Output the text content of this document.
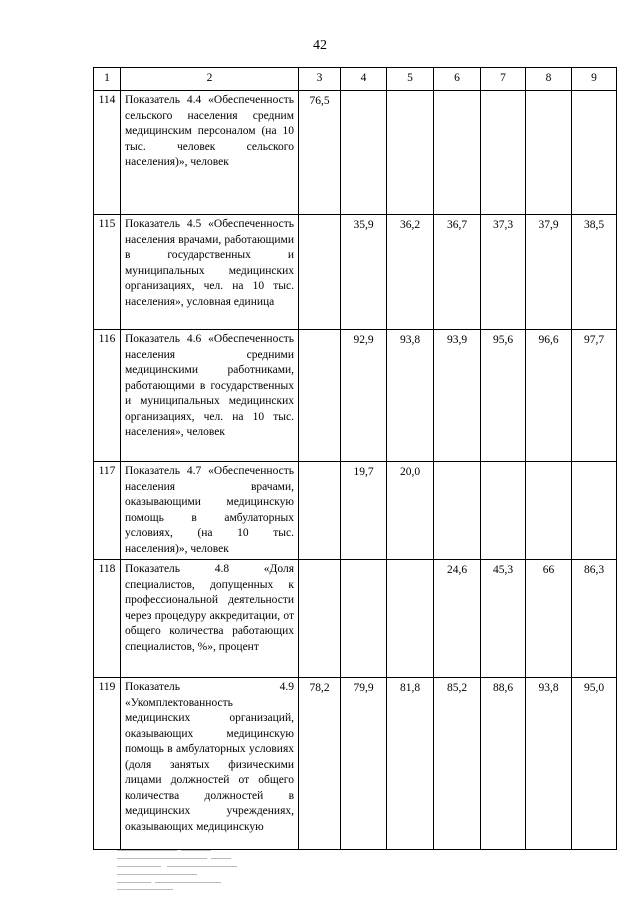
42
1	2	3	4	5	6	7	8	9
114	Показатель 4.4 «Обеспеченность сельского населения средним медицинским персоналом (на 10 тыс. человек сельского населения)», человек	76,5						
115	Показатель 4.5 «Обеспеченность населения врачами, работающими в государственных и муниципальных медицинских организациях, чел. на 10 тыс. населения», условная единица		35,9	36,2	36,7	37,3	37,9	38,5
116	Показатель 4.6 «Обеспеченность населения средними медицинскими работниками, работающими в государственных и муниципальных медицинских организациях, чел. на 10 тыс. населения», человек		92,9	93,8	93,9	95,6	96,6	97,7
117	Показатель 4.7 «Обеспеченность населения врачами, оказывающими медицинскую помощь в амбулаторных условиях, (на 10 тыс. населения)», человек		19,7	20,0				
118	Показатель 4.8 «Доля специалистов, допущенных к профессиональной деятельности через процедуру аккредитации, от общего количества работающих специалистов, %», процент				24,6	45,3	66	86,3
119	Показатель 4.9 «Укомплектованность медицинских организаций, оказывающих медицинскую помощь в амбулаторных условиях (доля занятых физическими лицами должностей от общего количества должностей в медицинских учреждениях, оказывающих медицинскую	78,2	79,9	81,8	85,2	88,6	93,8	95,0
